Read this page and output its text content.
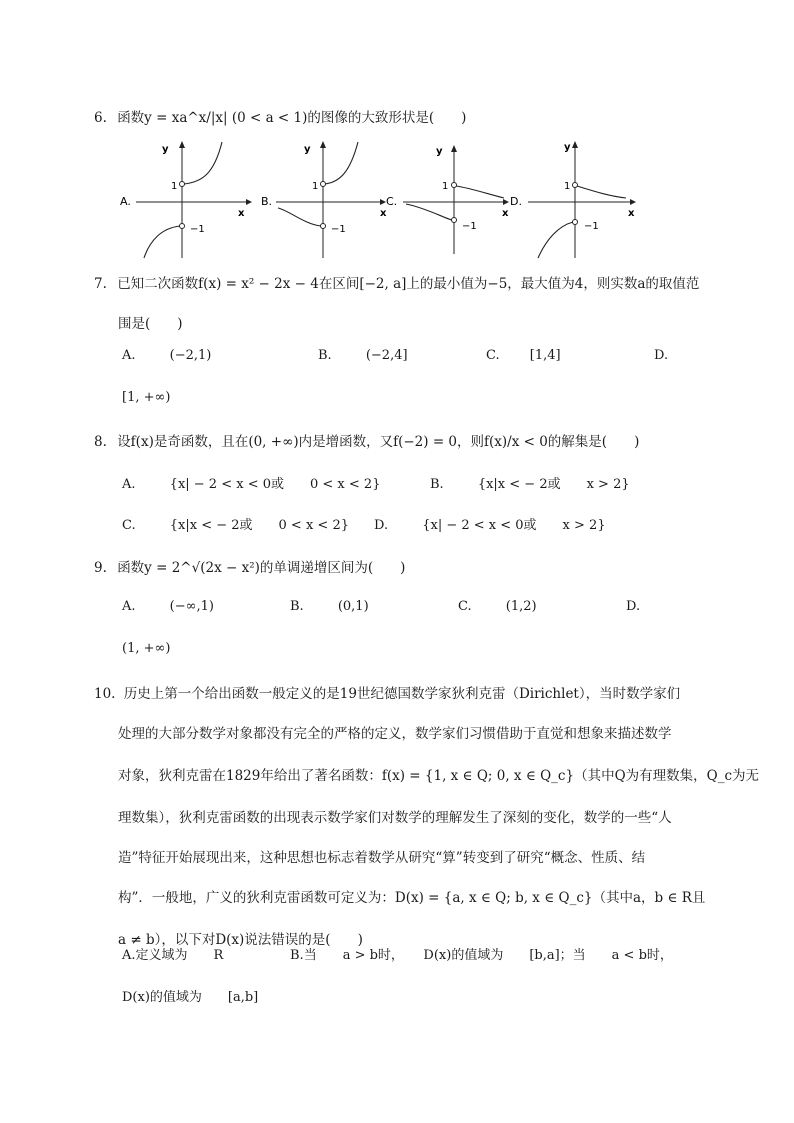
6. 函数y = xa^x/|x| (0 < a < 1)的图像的大致形状是(　　)
A.
y
x
1
−1
B.
y
x
1
−1
C.
y
x
1
−1
D.
y
x
1
−1
7. 已知二次函数f(x) = x² − 2x − 4在区间[−2, a]上的最小值为−5，最大值为4，则实数a的取值范
围是(　　)
A.	(−2,1)	B.	(−2,4]	C. [1,4]	D.
[1, +∞)
8. 设f(x)是奇函数，且在(0, +∞)内是增函数，又f(−2) = 0，则f(x)/x < 0的解集是(　　)
A.	{x| − 2 < x < 0或　　0 < x < 2}	B.	{x|x < − 2或　　x > 2}
C.	{x|x < − 2或　　0 < x < 2} D.	{x| − 2 < x < 0或　　x > 2}
9. 函数y = 2^√(2x − x²)的单调递增区间为(　　)
A.	(−∞,1)	B.	(0,1)	C.	(1,2)	D.
(1, +∞)
10. 历史上第一个给出函数一般定义的是19世纪德国数学家狄利克雷（Dirichlet），当时数学家们
处理的大部分数学对象都没有完全的严格的定义，数学家们习惯借助于直觉和想象来描述数学
对象，狄利克雷在1829年给出了著名函数：f(x) = {1, x ∈ Q; 0, x ∈ Q_c}（其中Q为有理数集，Q_c为无
理数集），狄利克雷函数的出现表示数学家们对数学的理解发生了深刻的变化，数学的一些“人
造”特征开始展现出来，这种思想也标志着数学从研究“算”转变到了研究“概念、性质、结
构”．一般地，广义的狄利克雷函数可定义为：D(x) = {a, x ∈ Q; b, x ∈ Q_c}（其中a，b ∈ R且
a ≠ b），以下对D(x)说法错误的是(　　)
A.定义域为　　R	B.当　　a > b时，　　D(x)的值域为　　[b,a]；当　　a < b时，
D(x)的值域为　　[a,b]
